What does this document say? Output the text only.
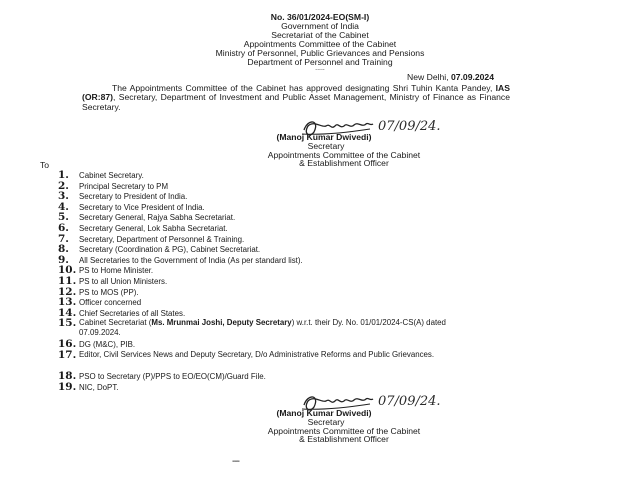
No. 36/01/2024-EO(SM-I)
Government of India
Secretariat of the Cabinet
Appointments Committee of the Cabinet
Ministry of Personnel, Public Grievances and Pensions
Department of Personnel and Training
.....
New Delhi, 07.09.2024
The Appointments Committee of the Cabinet has approved designating Shri Tuhin Kanta Pandey, IAS (OR:87), Secretary, Department of Investment and Public Asset Management, Ministry of Finance as Finance Secretary.
07/09/24.
(Manoj Kumar Dwivedi)
Secretary
Appointments Committee of the Cabinet
& Establishment Officer
To
1. Cabinet Secretary.
2. Principal Secretary to PM
3. Secretary to President of India.
4. Secretary to Vice President of India.
5. Secretary General, Rajya Sabha Secretariat.
6. Secretary General, Lok Sabha Secretariat.
7. Secretary, Department of Personnel & Training.
8. Secretary (Coordination & PG), Cabinet Secretariat.
9. All Secretaries to the Government of India (As per standard list).
10. PS to Home Minister.
11. PS to all Union Ministers.
12. PS to MOS (PP).
13. Officer concerned
14. Chief Secretaries of all States.
15. Cabinet Secretariat (Ms. Mrunmai Joshi, Deputy Secretary) w.r.t. their Dy. No. 01/01/2024-CS(A) dated 07.09.2024.
16. DG (M&C), PIB.
17. Editor, Civil Services News and Deputy Secretary, D/o Administrative Reforms and Public Grievances.
18. PSO to Secretary (P)/PPS to EO/EO(CM)/Guard File.
19. NIC, DoPT.
07/09/24.
(Manoj Kumar Dwivedi)
Secretary
Appointments Committee of the Cabinet
& Establishment Officer
---
